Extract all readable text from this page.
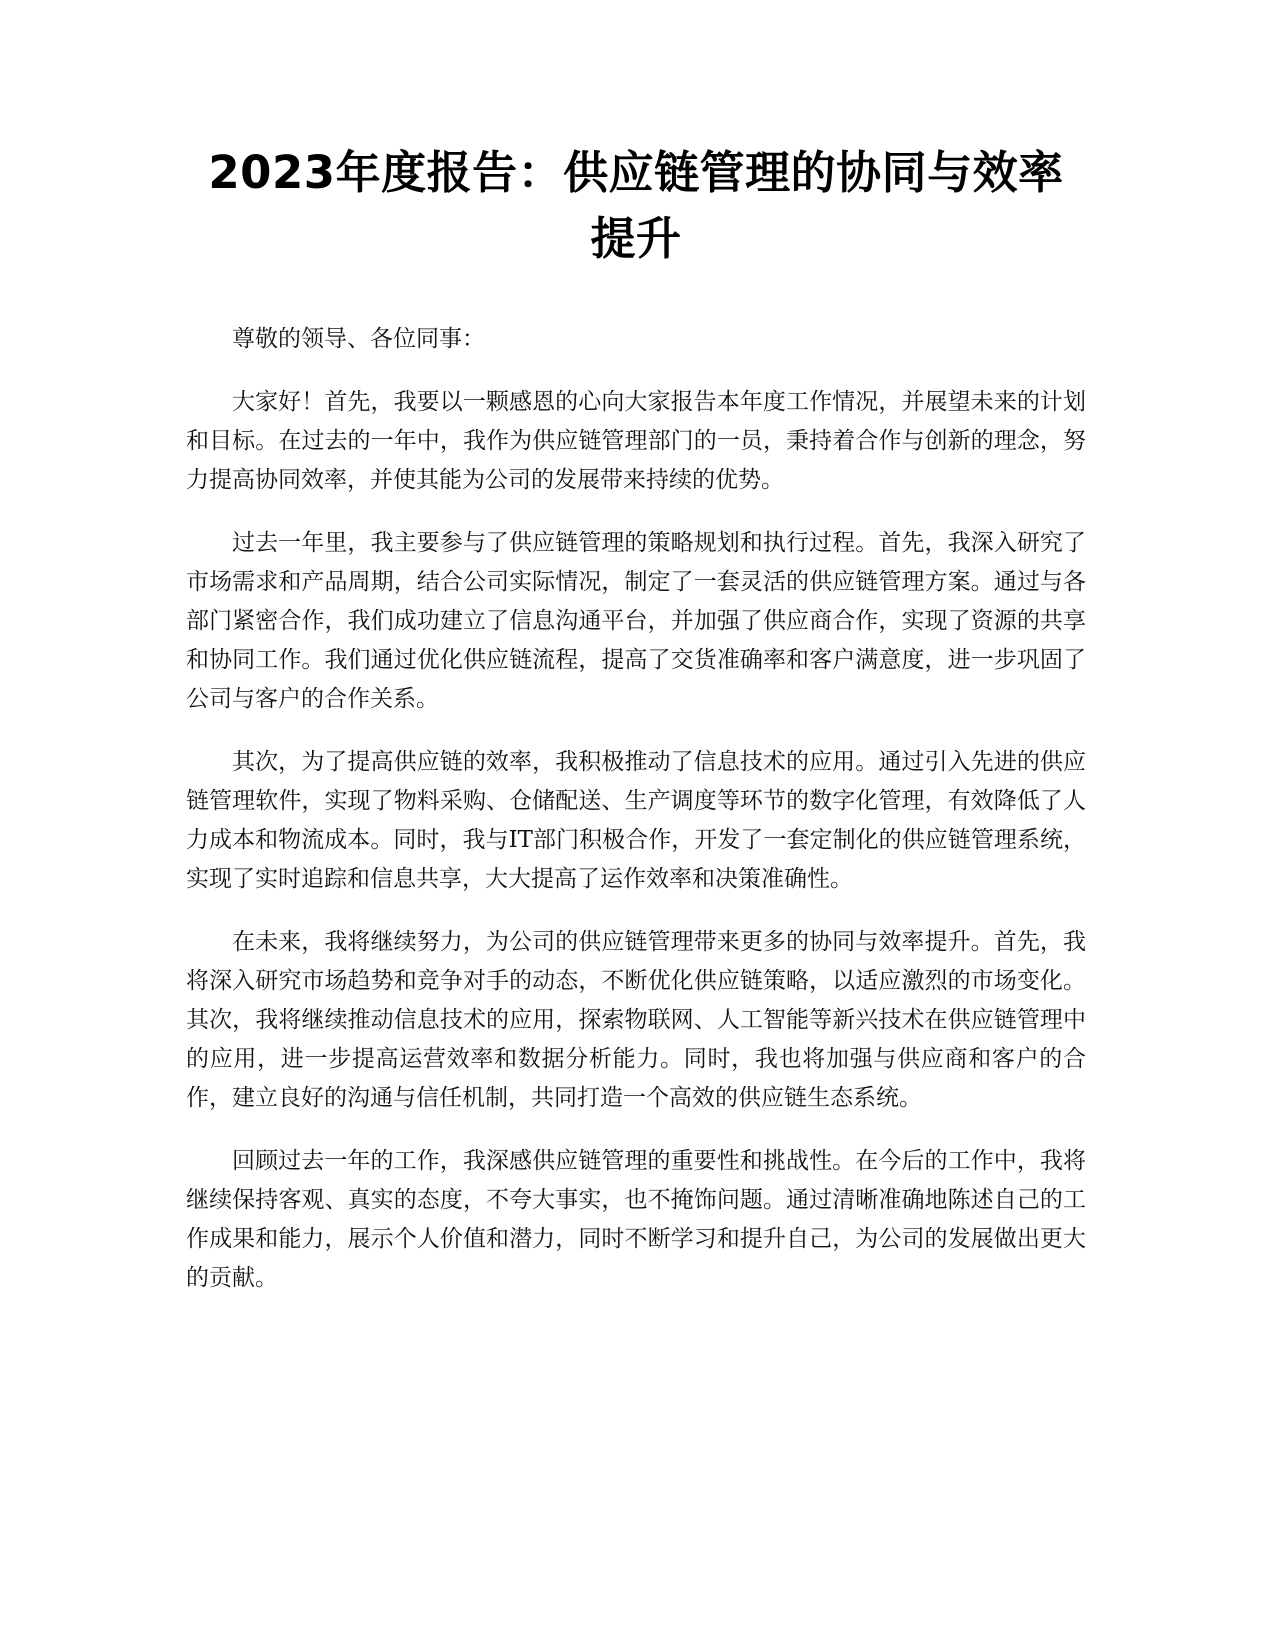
2023年度报告：供应链管理的协同与效率提升

尊敬的领导、各位同事：

大家好！首先，我要以一颗感恩的心向大家报告本年度工作情况，并展望未来的计划和目标。在过去的一年中，我作为供应链管理部门的一员，秉持着合作与创新的理念，努力提高协同效率，并使其能为公司的发展带来持续的优势。

过去一年里，我主要参与了供应链管理的策略规划和执行过程。首先，我深入研究了市场需求和产品周期，结合公司实际情况，制定了一套灵活的供应链管理方案。通过与各部门紧密合作，我们成功建立了信息沟通平台，并加强了供应商合作，实现了资源的共享和协同工作。我们通过优化供应链流程，提高了交货准确率和客户满意度，进一步巩固了公司与客户的合作关系。

其次，为了提高供应链的效率，我积极推动了信息技术的应用。通过引入先进的供应链管理软件，实现了物料采购、仓储配送、生产调度等环节的数字化管理，有效降低了人力成本和物流成本。同时，我与IT部门积极合作，开发了一套定制化的供应链管理系统，实现了实时追踪和信息共享，大大提高了运作效率和决策准确性。

在未来，我将继续努力，为公司的供应链管理带来更多的协同与效率提升。首先，我将深入研究市场趋势和竞争对手的动态，不断优化供应链策略，以适应激烈的市场变化。其次，我将继续推动信息技术的应用，探索物联网、人工智能等新兴技术在供应链管理中的应用，进一步提高运营效率和数据分析能力。同时，我也将加强与供应商和客户的合作，建立良好的沟通与信任机制，共同打造一个高效的供应链生态系统。

回顾过去一年的工作，我深感供应链管理的重要性和挑战性。在今后的工作中，我将继续保持客观、真实的态度，不夸大事实，也不掩饰问题。通过清晰准确地陈述自己的工作成果和能力，展示个人价值和潜力，同时不断学习和提升自己，为公司的发展做出更大的贡献。
